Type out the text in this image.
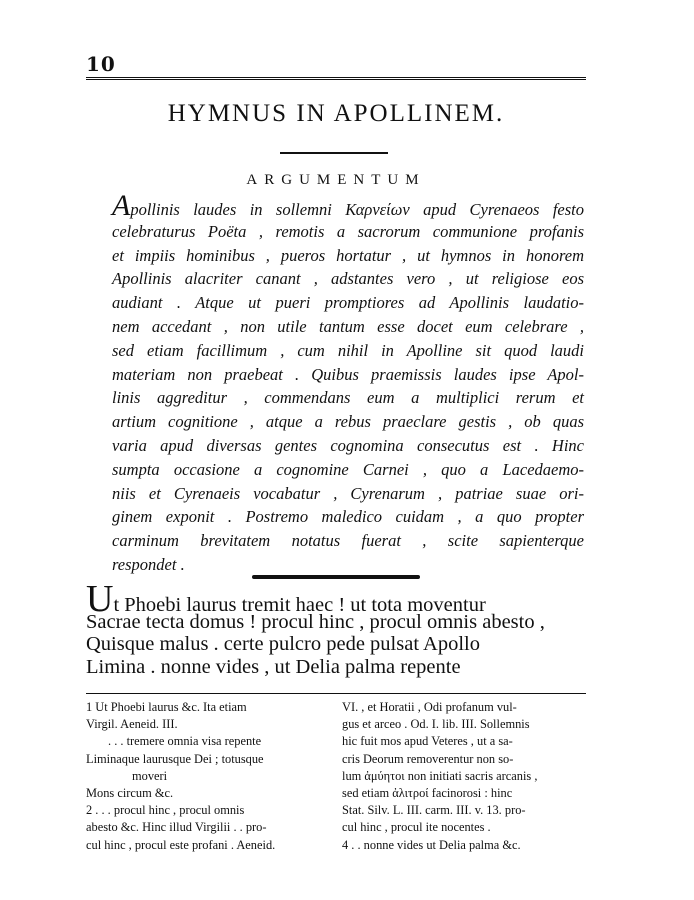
10
HYMNUS IN APOLLINEM.
ARGUMENTUM
Apollinis laudes in sollemni Καρνείων apud Cyrenaeos festo
celebraturus Poëta , remotis a sacrorum communione profanis
et impiis hominibus , pueros hortatur , ut hymnos in honorem
Apollinis alacriter canant , adstantes vero , ut religiose eos
audiant . Atque ut pueri promptiores ad Apollinis laudatio-
nem accedant , non utile tantum esse docet eum celebrare ,
sed etiam facillimum , cum nihil in Apolline sit quod laudi
materiam non praebeat . Quibus praemissis laudes ipse Apol-
linis aggreditur , commendans eum a multiplici rerum et
artium cognitione , atque a rebus praeclare gestis , ob quas
varia apud diversas gentes cognomina consecutus est . Hinc
sumpta occasione a cognomine Carnei , quo a Lacedaemo-
niis et Cyrenaeis vocabatur , Cyrenarum , patriae suae ori-
ginem exponit . Postremo maledico cuidam , a quo propter
carminum brevitatem notatus fuerat , scite sapienterque
respondet .
Ut Phoebi laurus tremit haec ! ut tota moventur
Sacrae tecta domus ! procul hinc , procul omnis abesto ,
Quisque malus . certe pulcro pede pulsat Apollo
Limina . nonne vides , ut Delia palma repente
1 Ut Phoebi laurus &c. Ita etiam
Virgil. Aeneid. III.
. . . tremere omnia visa repente
Liminaque laurusque Dei ; totusque
moveri
Mons circum &c.
2 . . . procul hinc , procul omnis
abesto &c. Hinc illud Virgilii . . pro-
cul hinc , procul este profani . Aeneid.
VI. , et Horatii , Odi profanum vul-
gus et arceo . Od. I. lib. III. Sollemnis
hic fuit mos apud Veteres , ut a sa-
cris Deorum removerentur non so-
lum ἀμύητοι non initiati sacris arcanis ,
sed etiam ἀλιτροί facinorosi : hinc
Stat. Silv. L. III. carm. III. v. 13. pro-
cul hinc , procul ite nocentes .
4 . . nonne vides ut Delia palma &c.
